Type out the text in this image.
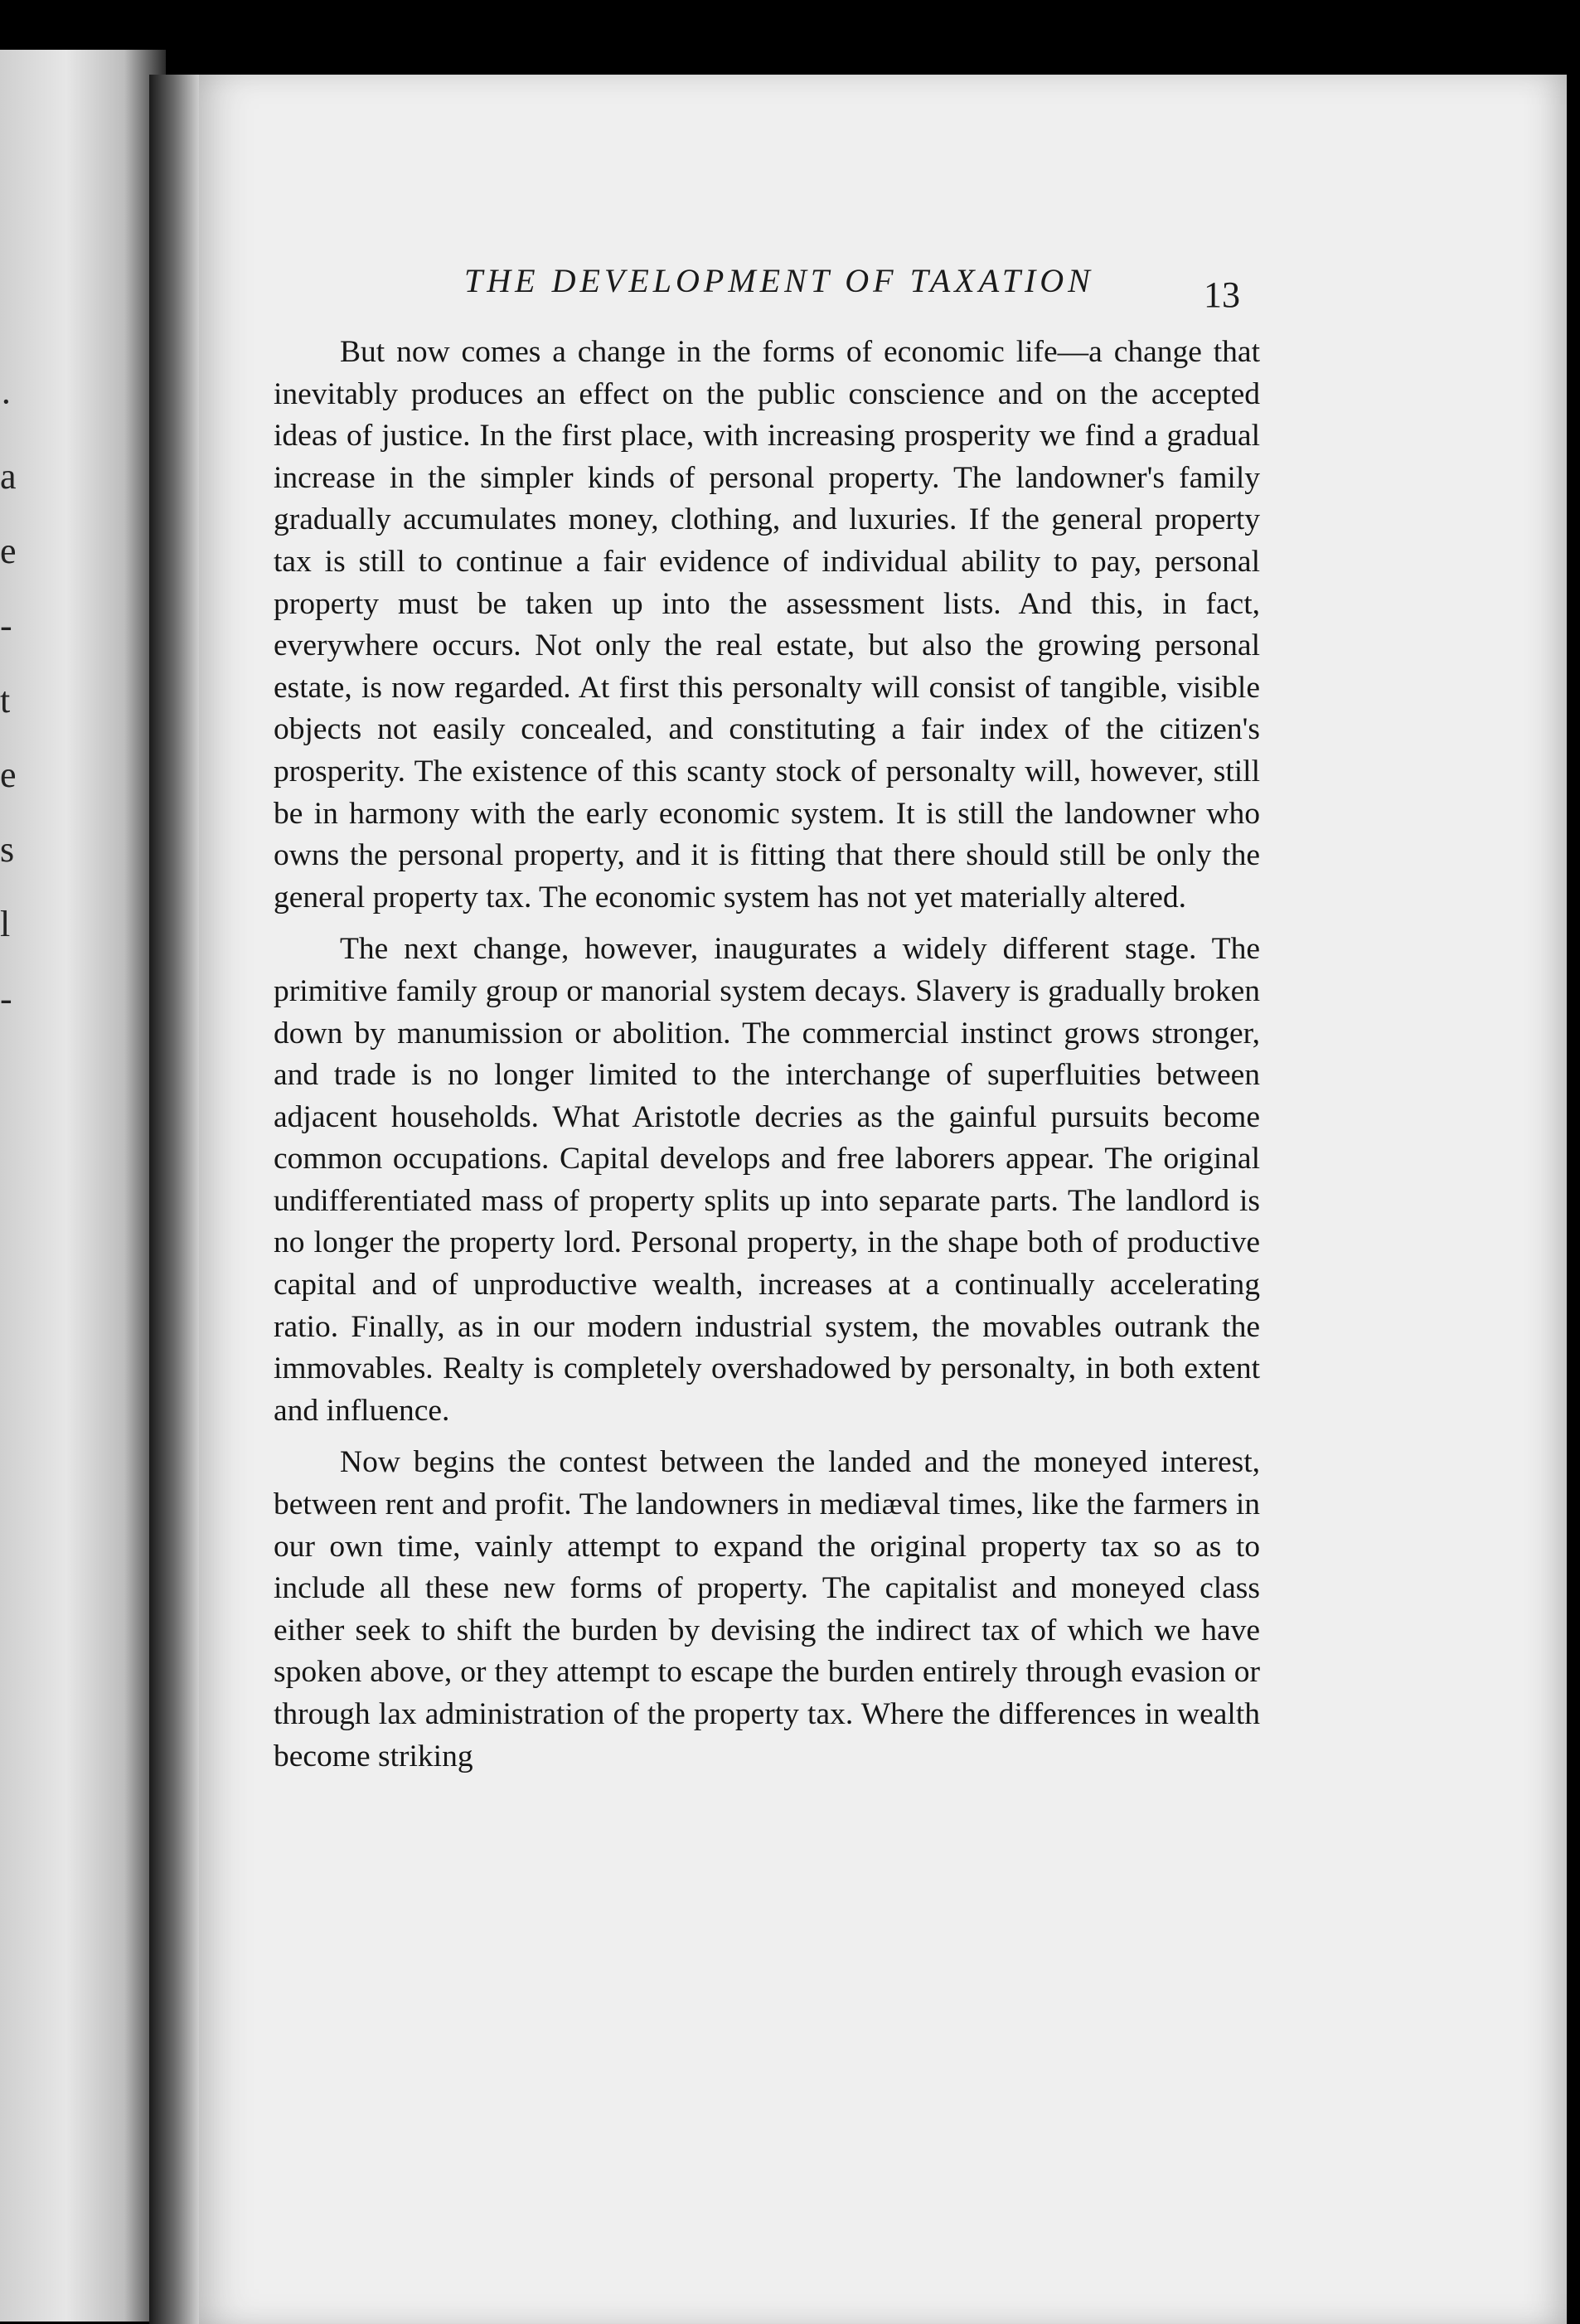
·
a
e
-
t
e
s
l
-
THE DEVELOPMENT OF TAXATION	13

But now comes a change in the forms of economic life—a change that inevitably produces an effect on the public conscience and on the accepted ideas of justice. In the first place, with increasing prosperity we find a gradual increase in the simpler kinds of personal property. The landowner's family gradually accumulates money, clothing, and luxuries. If the general property tax is still to continue a fair evidence of individual ability to pay, personal property must be taken up into the assessment lists. And this, in fact, everywhere occurs. Not only the real estate, but also the growing personal estate, is now regarded. At first this personalty will consist of tangible, visible objects not easily concealed, and constituting a fair index of the citizen's prosperity. The existence of this scanty stock of personalty will, however, still be in harmony with the early economic system. It is still the landowner who owns the personal property, and it is fitting that there should still be only the general property tax. The economic system has not yet materially altered.

The next change, however, inaugurates a widely different stage. The primitive family group or manorial system decays. Slavery is gradually broken down by manumission or abolition. The commercial instinct grows stronger, and trade is no longer limited to the interchange of superfluities between adjacent households. What Aristotle decries as the gainful pursuits become common occupations. Capital develops and free laborers appear. The original undifferentiated mass of property splits up into separate parts. The landlord is no longer the property lord. Personal property, in the shape both of productive capital and of unproductive wealth, increases at a continually accelerating ratio. Finally, as in our modern industrial system, the movables outrank the immovables. Realty is completely overshadowed by personalty, in both extent and influence.

Now begins the contest between the landed and the moneyed interest, between rent and profit. The landowners in mediæval times, like the farmers in our own time, vainly attempt to expand the original property tax so as to include all these new forms of property. The capitalist and moneyed class either seek to shift the burden by devising the indirect tax of which we have spoken above, or they attempt to escape the burden entirely through evasion or through lax administration of the property tax. Where the differences in wealth become striking
